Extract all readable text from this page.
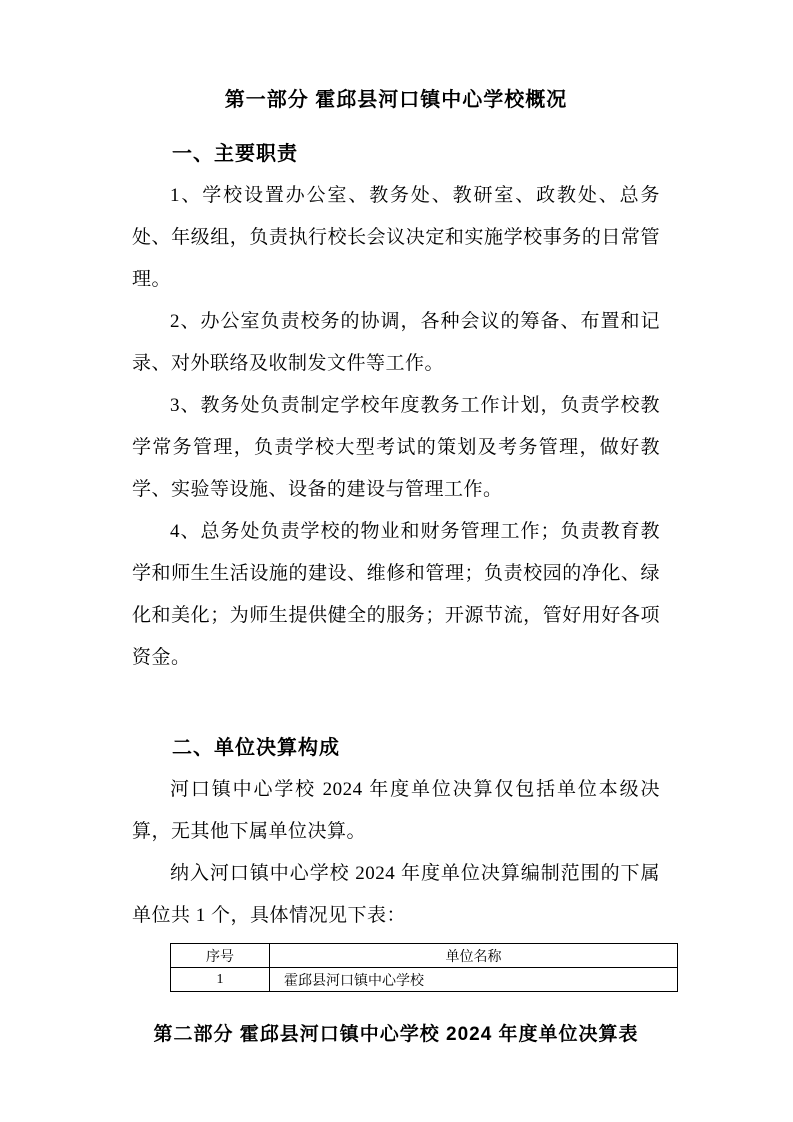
第一部分 霍邱县河口镇中心学校概况
一、主要职责

1、学校设置办公室、教务处、教研室、政教处、总务处、年级组，负责执行校长会议决定和实施学校事务的日常管理。

2、办公室负责校务的协调，各种会议的筹备、布置和记录、对外联络及收制发文件等工作。

3、教务处负责制定学校年度教务工作计划，负责学校教学常务管理，负责学校大型考试的策划及考务管理，做好教学、实验等设施、设备的建设与管理工作。

4、总务处负责学校的物业和财务管理工作；负责教育教学和师生生活设施的建设、维修和管理；负责校园的净化、绿化和美化；为师生提供健全的服务；开源节流，管好用好各项资金。

二、单位决算构成

河口镇中心学校 2024 年度单位决算仅包括单位本级决算，无其他下属单位决算。

纳入河口镇中心学校 2024 年度单位决算编制范围的下属单位共 1 个，具体情况见下表：

序号	单位名称
1	霍邱县河口镇中心学校
第二部分 霍邱县河口镇中心学校 2024 年度单位决算表
